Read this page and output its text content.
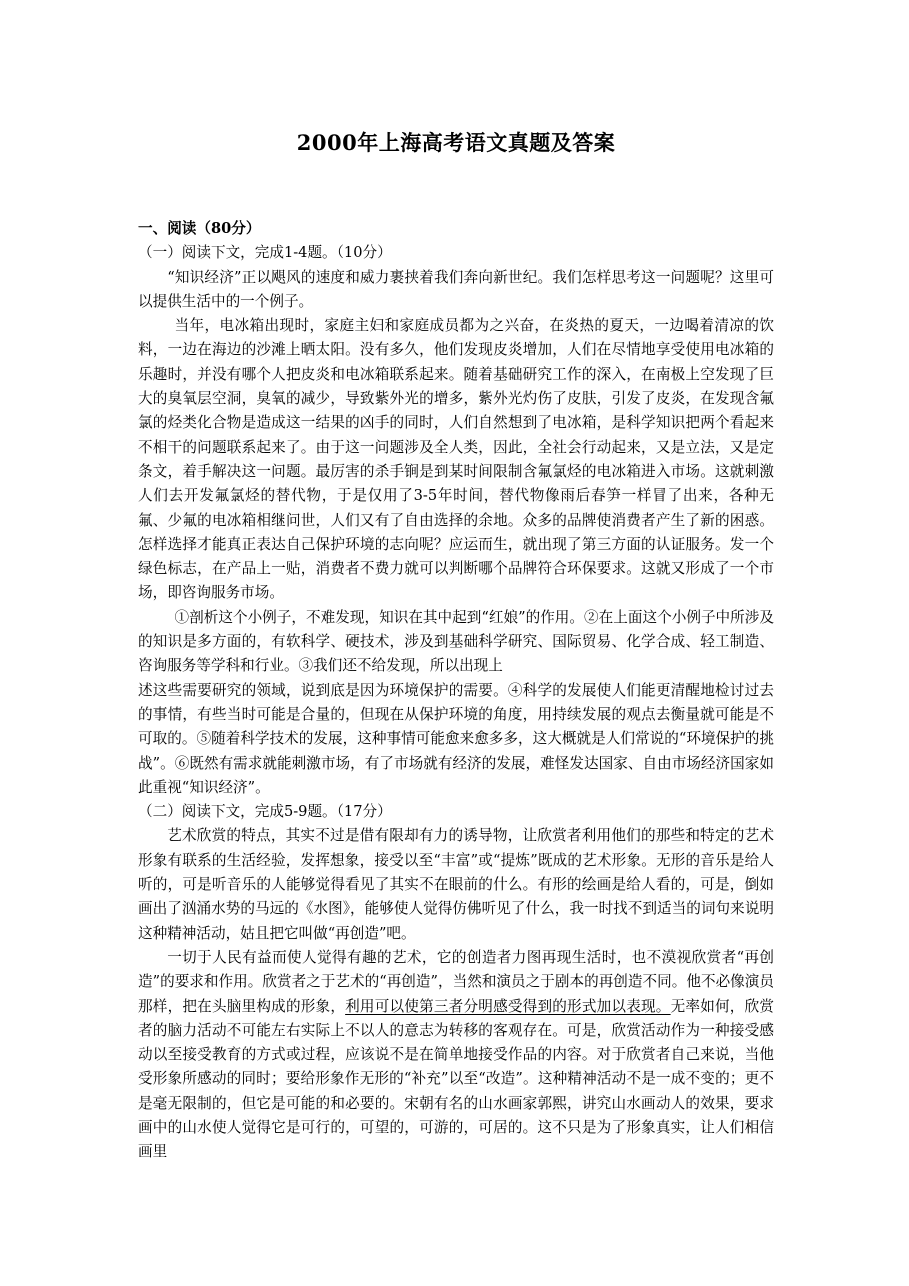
2000年上海高考语文真题及答案

一、阅读（80分）

（一）阅读下文，完成1-4题。（10分）

“知识经济”正以飓风的速度和威力裹挟着我们奔向新世纪。我们怎样思考这一问题呢？这里可以提供生活中的一个例子。

当年，电冰箱出现时，家庭主妇和家庭成员都为之兴奋，在炎热的夏天，一边喝着清凉的饮料，一边在海边的沙滩上晒太阳。没有多久，他们发现皮炎增加，人们在尽情地享受使用电冰箱的乐趣时，并没有哪个人把皮炎和电冰箱联系起来。随着基础研究工作的深入，在南极上空发现了巨大的臭氧层空洞，臭氧的减少，导致紫外光的增多，紫外光灼伤了皮肤，引发了皮炎，在发现含氟氯的烃类化合物是造成这一结果的凶手的同时，人们自然想到了电冰箱，是科学知识把两个看起来不相干的问题联系起来了。由于这一问题涉及全人类，因此，全社会行动起来，又是立法，又是定条文，着手解决这一问题。最厉害的杀手锏是到某时间限制含氟氯烃的电冰箱进入市场。这就刺激人们去开发氟氯烃的替代物，于是仅用了3-5年时间，替代物像雨后春笋一样冒了出来，各种无氟、少氟的电冰箱相继问世，人们又有了自由选择的余地。众多的品牌使消费者产生了新的困惑。怎样选择才能真正表达自己保护环境的志向呢？应运而生，就出现了第三方面的认证服务。发一个绿色标志，在产品上一贴，消费者不费力就可以判断哪个品牌符合环保要求。这就又形成了一个市场，即咨询服务市场。

①剖析这个小例子，不难发现，知识在其中起到“红娘”的作用。②在上面这个小例子中所涉及的知识是多方面的，有软科学、硬技术，涉及到基础科学研究、国际贸易、化学合成、轻工制造、咨询服务等学科和行业。③我们还不给发现，所以出现上

述这些需要研究的领域，说到底是因为环境保护的需要。④科学的发展使人们能更清醒地检讨过去的事情，有些当时可能是合量的，但现在从保护环境的角度，用持续发展的观点去衡量就可能是不可取的。⑤随着科学技术的发展，这种事情可能愈来愈多多，这大概就是人们常说的“环境保护的挑战”。⑥既然有需求就能刺激市场，有了市场就有经济的发展，难怪发达国家、自由市场经济国家如此重视“知识经济”。

（二）阅读下文，完成5-9题。（17分）

艺术欣赏的特点，其实不过是借有限却有力的诱导物，让欣赏者利用他们的那些和特定的艺术形象有联系的生活经验，发挥想象，接受以至“丰富”或“提炼”既成的艺术形象。无形的音乐是给人听的，可是听音乐的人能够觉得看见了其实不在眼前的什么。有形的绘画是给人看的，可是，倒如画出了汹涌水势的马远的《水图》，能够使人觉得仿佛听见了什么，我一时找不到适当的词句来说明这种精神活动，姑且把它叫做“再创造”吧。

一切于人民有益而使人觉得有趣的艺术，它的创造者力图再现生活时，也不漠视欣赏者“再创造”的要求和作用。欣赏者之于艺术的“再创造”，当然和演员之于剧本的再创造不同。他不必像演员那样，把在头脑里构成的形象，利用可以使第三者分明感受得到的形式加以表现。无率如何，欣赏者的脑力活动不可能左右实际上不以人的意志为转移的客观存在。可是，欣赏活动作为一种接受感动以至接受教育的方式或过程，应该说不是在简单地接受作品的内容。对于欣赏者自己来说，当他受形象所感动的同时；要给形象作无形的“补充”以至“改造”。这种精神活动不是一成不变的；更不是毫无限制的，但它是可能的和必要的。宋朝有名的山水画家郭熙，讲究山水画动人的效果，要求画中的山水使人觉得它是可行的，可望的，可游的，可居的。这不只是为了形象真实，让人们相信画里
